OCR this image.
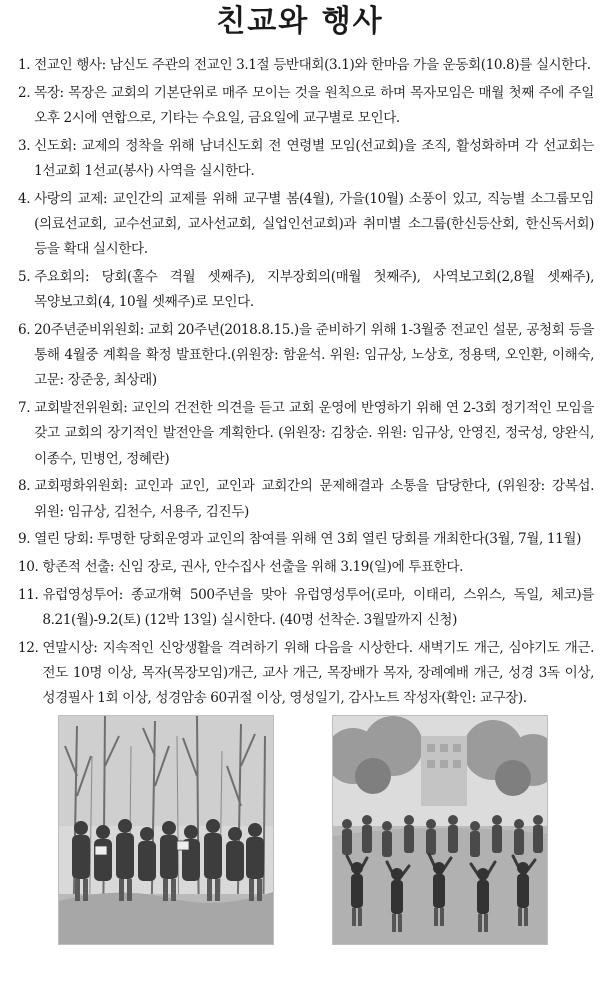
친교와 행사
1.
전교인 행사: 남신도 주관의 전교인 3.1절 등반대회(3.1)와 한마음 가을 운동회(10.8)를 실시한다.
2.
목장: 목장은 교회의 기본단위로 매주 모이는 것을 원칙으로 하며 목자모임은 매월 첫째 주에 주일 오후 2시에 연합으로, 기타는 수요일, 금요일에 교구별로 모인다.
3.
신도회: 교제의 정착을 위해 남녀신도회 전 연령별 모임(선교회)을 조직, 활성화하며 각 선교회는 1선교회 1선교(봉사) 사역을 실시한다.
4.
사랑의 교제: 교인간의 교제를 위해 교구별 봄(4월), 가을(10월) 소풍이 있고, 직능별 소그룹모임(의료선교회, 교수선교회, 교사선교회, 실업인선교회)과 취미별 소그룹(한신등산회, 한신독서회) 등을 확대 실시한다.
5.
주요회의: 당회(홀수 격월 셋째주), 지부장회의(매월 첫째주), 사역보고회(2,8월 셋째주), 목양보고회(4, 10월 셋째주)로 모인다.
6.
20주년준비위원회: 교회 20주년(2018.8.15.)을 준비하기 위해 1-3월중 전교인 설문, 공청회 등을 통해 4월중 계획을 확정 발표한다.(위원장: 함윤석. 위원: 임규상, 노상호, 정용택, 오인환, 이해숙, 고문: 장준웅, 최상래)
7.
교회발전위원회: 교인의 건전한 의견을 듣고 교회 운영에 반영하기 위해 연 2-3회 정기적인 모임을 갖고 교회의 장기적인 발전안을 계획한다. (위원장: 김창순. 위원: 임규상, 안영진, 정국성, 양완식, 이종수, 민병언, 정혜란)
8.
교회평화위원회: 교인과 교인, 교인과 교회간의 문제해결과 소통을 담당한다, (위원장: 강복섭. 위원: 임규상, 김천수, 서용주, 김진두)
9.
열린 당회: 투명한 당회운영과 교인의 참여를 위해 연 3회 열린 당회를 개최한다(3월, 7월, 11월)
10.
항존적 선출: 신임 장로, 권사, 안수집사 선출을 위해 3.19(일)에 투표한다.
11.
유럽영성투어: 종교개혁 500주년을 맞아 유럽영성투어(로마, 이태리, 스위스, 독일, 체코)를 8.21(월)-9.2(토) (12박 13일) 실시한다. (40명 선착순. 3월말까지 신청)
12.
연말시상: 지속적인 신앙생활을 격려하기 위해 다음을 시상한다. 새벽기도 개근, 심야기도 개근. 전도 10명 이상, 목자(목장모임)개근, 교사 개근, 목장배가 목자, 장례예배 개근, 성경 3독 이상, 성경필사 1회 이상, 성경암송 60귀절 이상, 영성일기, 감사노트 작성자(확인: 교구장).
